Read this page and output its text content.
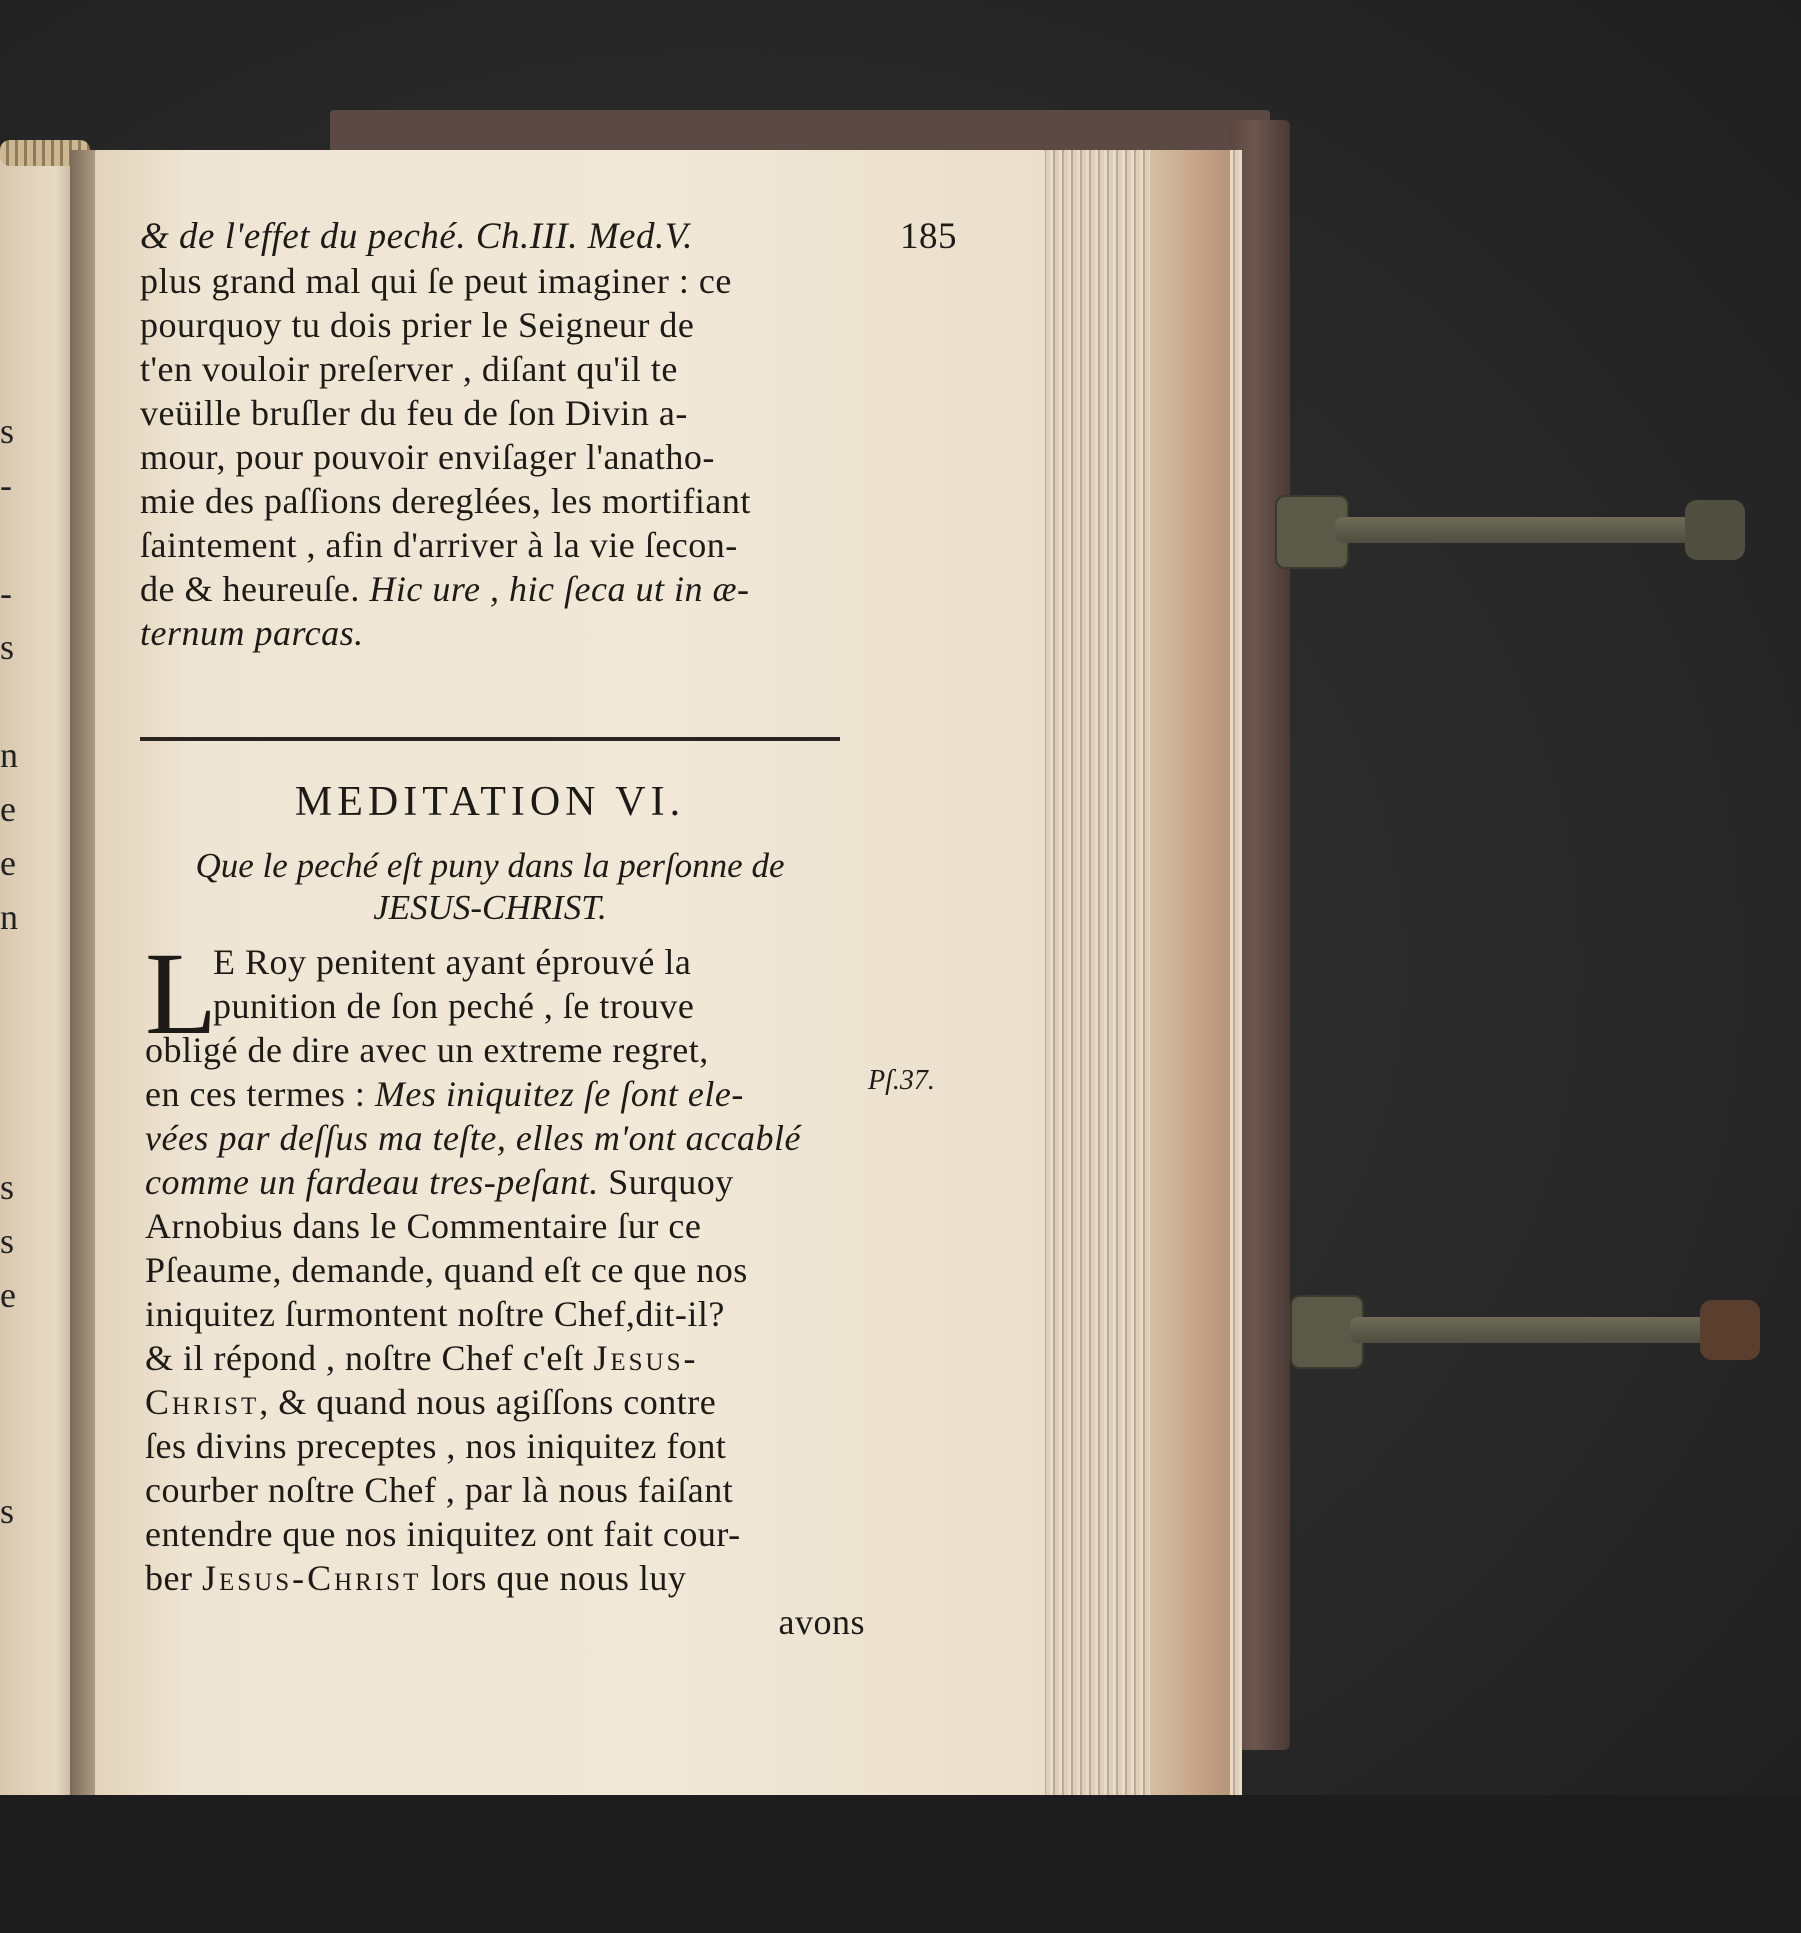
s
-
-
s
n
e
e
n
s
s
e
s
& de l'effet du peché. Ch.III. Med.V.	185
plus grand mal qui ſe peut imaginer : ce
pourquoy tu dois prier le Seigneur de
t'en vouloir preſerver , diſant qu'il te
veüille bruſler du feu de ſon Divin a-
mour, pour pouvoir enviſager l'anatho-
mie des paſſions dereglées, les mortifiant
ſaintement , afin d'arriver à la vie ſecon-
de & heureuſe. Hic ure , hic ſeca ut in æ-
ternum parcas.
MEDITATION VI.
Que le peché eſt puny dans la perſonne de
JESUS-CHRIST.
L
E Roy penitent ayant éprouvé la
punition de ſon peché , ſe trouve
obligé de dire avec un extreme regret,
en ces termes : Mes iniquitez ſe ſont ele-
vées par deſſus ma teſte, elles m'ont accablé
comme un fardeau tres-peſant. Surquoy
Arnobius dans le Commentaire ſur ce
Pſeaume, demande, quand eſt ce que nos
iniquitez ſurmontent noſtre Chef,dit-il?
& il répond , noſtre Chef c'eſt Jesus-
Christ, & quand nous agiſſons contre
ſes divins preceptes , nos iniquitez font
courber noſtre Chef , par là nous faiſant
entendre que nos iniquitez ont fait cour-
ber Jesus-Christ lors que nous luy
avons
Pſ.37.
